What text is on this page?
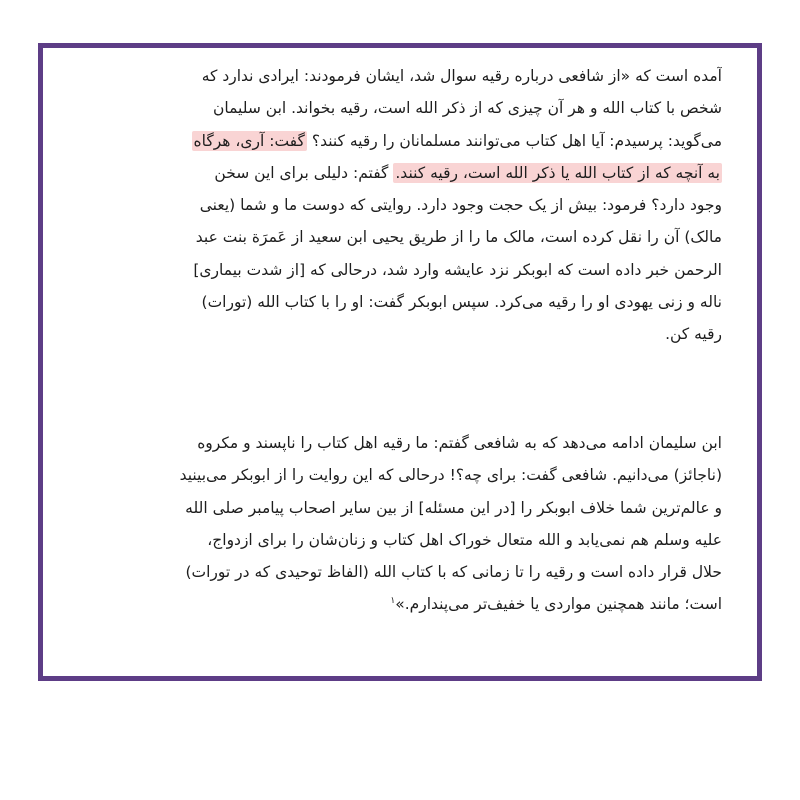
آمده است که «از شافعی درباره رقیه سوال شد، ایشان فرمودند: ایرادی ندارد که
شخص با کتاب الله و هر آن چیزی که از ذکر الله است، رقیه بخواند. ابن سلیمان
می‌گوید: پرسیدم: آیا اهل کتاب می‌توانند مسلمانان را رقیه کنند؟ گفت: آری، هرگاه
به آنچه که از کتاب الله یا ذکر الله است، رقیه کنند. گفتم: دلیلی برای این سخن
وجود دارد؟ فرمود: بیش از یک حجت وجود دارد. روایتی که دوست ما و شما (یعنی
مالک) آن را نقل کرده است، مالک ما را از طریق یحیی ابن سعید از عَمرَة بنت عبد
الرحمن خبر داده است که ابوبکر نزد عایشه وارد شد، درحالی که [از شدت بیماری]
ناله و زنی یهودی او را رقیه می‌کرد. سپس ابوبکر گفت: او را با کتاب الله (تورات)
رقیه کن.
ابن سلیمان ادامه می‌دهد که به شافعی گفتم: ما رقیه اهل کتاب را ناپسند و مکروه
(ناجائز) می‌دانیم. شافعی گفت: برای چه؟! درحالی که این روایت را از ابوبکر می‌بینید
و عالم‌ترین شما خلاف ابوبکر را [در این مسئله] از بین سایر اصحاب پیامبر صلی الله
علیه وسلم هم نمی‌یابد و الله متعال خوراک اهل کتاب و زنان‌شان را برای ازدواج،
حلال قرار داده است و رقیه را تا زمانی که با کتاب الله (الفاظ توحیدی که در تورات)
است؛ مانند همچنین مواردی یا خفیف‌تر می‌پندارم.»$^۱$
